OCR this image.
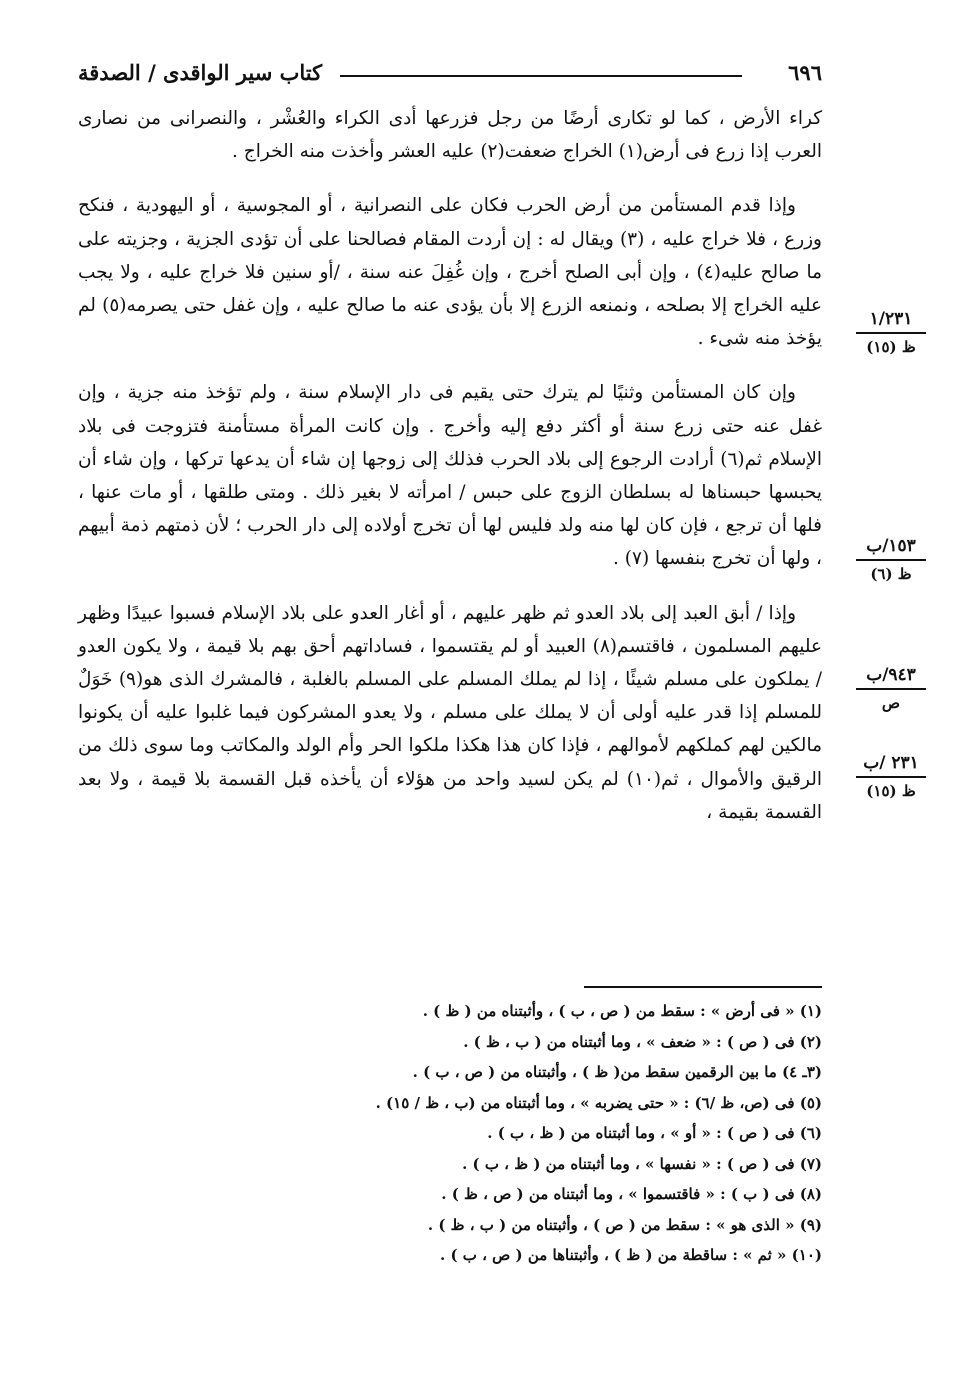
كتاب سير الواقدى / الصدقة	٦٩٦

كراء الأرض ، كما لو تكارى أرضًا من رجل فزرعها أدى الكراء والعُشْر ، والنصرانى من نصارى العرب إذا زرع فى أرض(١) الخراج ضعفت(٢) عليه العشر وأخذت منه الخراج .

وإذا قدم المستأمن من أرض الحرب فكان على النصرانية ، أو المجوسية ، أو اليهودية ، فنكح وزرع ، فلا خراج عليه ، (٣) ويقال له : إن أردت المقام فصالحنا على أن تؤدى الجزية ، وجزيته على ما صالح عليه(٤) ، وإن أبى الصلح أخرج ، وإن غُفِلَ عنه سنة ، /أو سنين فلا خراج عليه ، ولا يجب عليه الخراج إلا بصلحه ، ونمنعه الزرع إلا بأن يؤدى عنه ما صالح عليه ، وإن غفل حتى يصرمه(٥) لم يؤخذ منه شىء .

وإن كان المستأمن وثنيًا لم يترك حتى يقيم فى دار الإسلام سنة ، ولم تؤخذ منه جزية ، وإن غفل عنه حتى زرع سنة أو أكثر دفع إليه وأخرج . وإن كانت المرأة مستأمنة فتزوجت فى بلاد الإسلام ثم(٦) أرادت الرجوع إلى بلاد الحرب فذلك إلى زوجها إن شاء أن يدعها تركها ، وإن شاء أن يحبسها حبسناها له بسلطان الزوج على حبس / امرأته لا بغير ذلك . ومتى طلقها ، أو مات عنها ، فلها أن ترجع ، فإن كان لها منه ولد فليس لها أن تخرج أولاده إلى دار الحرب ؛ لأن ذمتهم ذمة أبيهم ، ولها أن تخرج بنفسها (٧) .

وإذا / أبق العبد إلى بلاد العدو ثم ظهر عليهم ، أو أغار العدو على بلاد الإسلام فسبوا عبيدًا وظهر عليهم المسلمون ، فاقتسم(٨) العبيد أو لم يقتسموا ، فساداتهم أحق بهم بلا قيمة ، ولا يكون العدو / يملكون على مسلم شيئًا ، إذا لم يملك المسلم على المسلم بالغلبة ، فالمشرك الذى هو(٩) خَوَلٌ للمسلم إذا قدر عليه أولى أن لا يملك على مسلم ، ولا يعدو المشركون فيما غلبوا عليه أن يكونوا مالكين لهم كملكهم لأموالهم ، فإذا كان هذا هكذا ملكوا الحر وأم الولد والمكاتب وما سوى ذلك من الرقيق والأموال ، ثم(١٠) لم يكن لسيد واحد من هؤلاء أن يأخذه قبل القسمة بلا قيمة ، ولا بعد القسمة بقيمة ،

١/٢٣١
ظ (١٥)
١٥٣/ب
ظ (٦)
٩٤٣/ب
ص
٢٣١ /ب
ظ (١٥)
(١) « فى أرض » : سقط من ( ص ، ب ) ، وأثبتناه من ( ظ ) .
(٢) فى ( ص ) : « ضعف » ، وما أثبتناه من ( ب ، ظ ) .
(٣ـ ٤) ما بين الرقمين سقط من( ظ ) ، وأثبتناه من ( ص ، ب ) .
(٥) فى (ص، ظ /٦) : « حتى يضربه » ، وما أثبتناه من (ب ، ظ / ١٥) .
(٦) فى ( ص ) : « أو » ، وما أثبتناه من ( ظ ، ب ) .
(٧) فى ( ص ) : « نفسها » ، وما أثبتناه من ( ظ ، ب ) .
(٨) فى ( ب ) : « فاقتسموا » ، وما أثبتناه من ( ص ، ظ ) .
(٩) « الذى هو » : سقط من ( ص ) ، وأثبتناه من ( ب ، ظ ) .
(١٠) « ثم » : ساقطة من ( ظ ) ، وأثبتناها من ( ص ، ب ) .
